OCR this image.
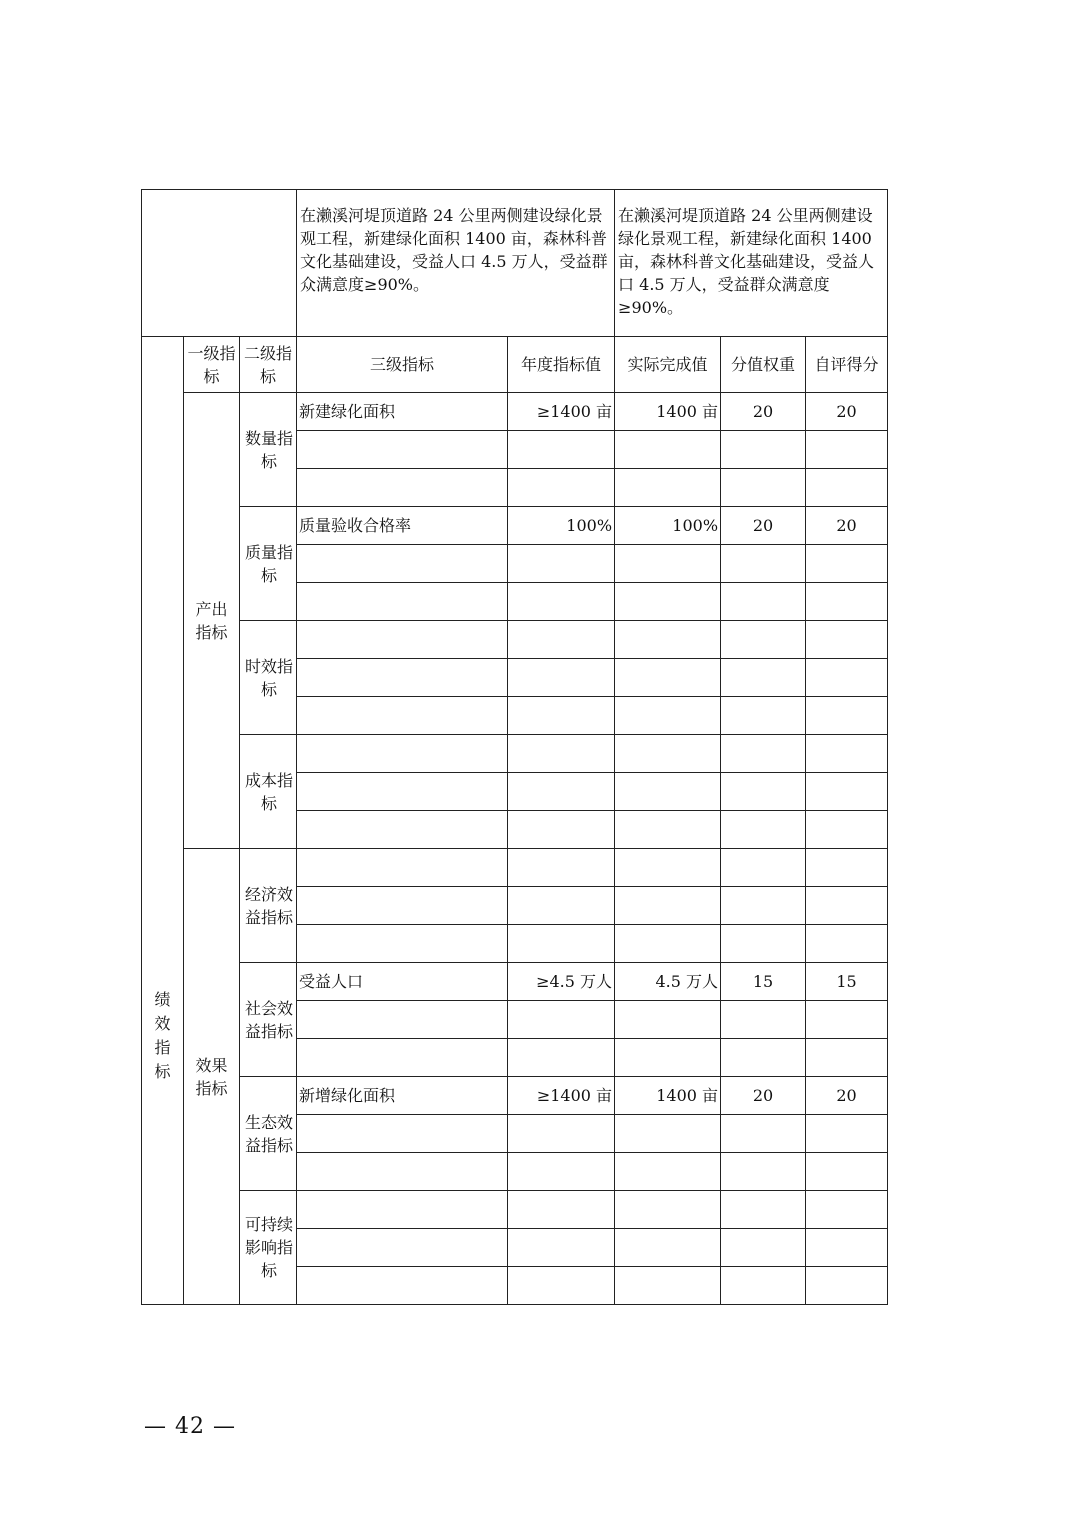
			在濑溪河堤顶道路 24 公里两侧建设绿化景观工程，新建绿化面积 1400 亩，森林科普文化基础建设，受益人口 4.5 万人，受益群众满意度≥90%。		在濑溪河堤顶道路 24 公里两侧建设绿化景观工程，新建绿化面积 1400 亩，森林科普文化基础建设，受益人口 4.5 万人，受益群众满意度≥90%。		
绩效指标	一级指标	二级指标	三级指标	年度指标值	实际完成值	分值权重	自评得分
	产出指标	数量指标	新建绿化面积	≥1400 亩	1400 亩	20	20

		质量指标	质量验收合格率	100%	100%	20	20

		时效指标					

		成本指标					

	效果指标	经济效益指标					

		社会效益指标	受益人口	≥4.5 万人	4.5 万人	15	15

		生态效益指标	新增绿化面积	≥1400 亩	1400 亩	20	20

		可持续影响指标					

— 42 —
